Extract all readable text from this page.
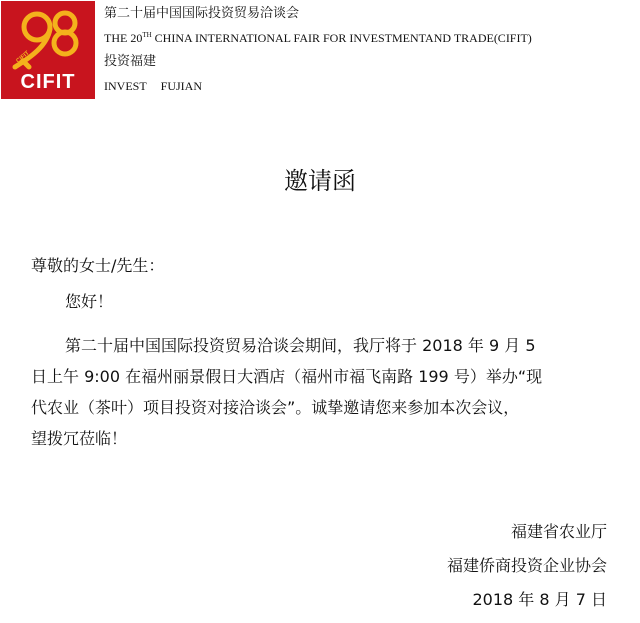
CIFIT
CIFIT
第二十届中国国际投资贸易洽谈会
THE 20TH CHINA INTERNATIONAL FAIR FOR INVESTMENTAND TRADE(CIFIT)
投资福建
INVEST FUJIAN
邀请函
尊敬的女士/先生：
您好！
第二十届中国国际投资贸易洽谈会期间，我厅将于 2018 年 9 月 5
日上午 9:00 在福州丽景假日大酒店（福州市福飞南路 199 号）举办“现
代农业（茶叶）项目投资对接洽谈会”。诚挚邀请您来参加本次会议，
望拨冗莅临！
福建省农业厅
福建侨商投资企业协会
2018 年 8 月 7 日
